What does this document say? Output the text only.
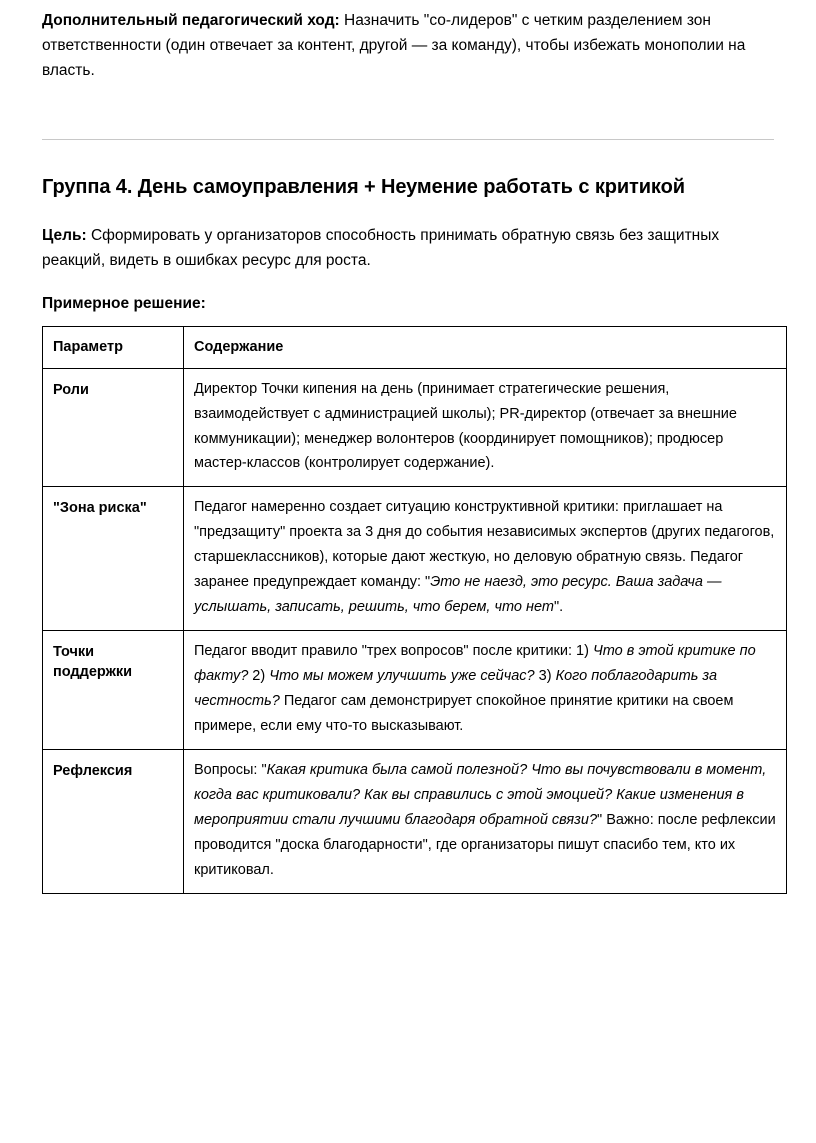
Дополнительный педагогический ход: Назначить "со-лидеров" с четким разделением зон ответственности (один отвечает за контент, другой — за команду), чтобы избежать монополии на власть.

Группа 4. День самоуправления + Неумение работать с критикой

Цель: Сформировать у организаторов способность принимать обратную связь без защитных реакций, видеть в ошибках ресурс для роста.

Примерное решение:

Параметр	Содержание
Роли	Директор Точки кипения на день (принимает стратегические решения, взаимодействует с администрацией школы); PR-директор (отвечает за внешние коммуникации); менеджер волонтеров (координирует помощников); продюсер мастер-классов (контролирует содержание).

"Зона риска"	Педагог намеренно создает ситуацию конструктивной критики: приглашает на "предзащиту" проекта за 3 дня до события независимых экспертов (других педагогов, старшеклассников), которые дают жесткую, но деловую обратную связь. Педагог заранее предупреждает команду: "Это не наезд, это ресурс. Ваша задача — услышать, записать, решить, что берем, что нет".

Точки поддержки	Педагог вводит правило "трех вопросов" после критики: 1) Что в этой критике по факту? 2) Что мы можем улучшить уже сейчас? 3) Кого поблагодарить за честность? Педагог сам демонстрирует спокойное принятие критики на своем примере, если ему что-то высказывают.

Рефлексия	Вопросы: "Какая критика была самой полезной? Что вы почувствовали в момент, когда вас критиковали? Как вы справились с этой эмоцией? Какие изменения в мероприятии стали лучшими благодаря обратной связи?" Важно: после рефлексии проводится "доска благодарности", где организаторы пишут спасибо тем, кто их критиковал.
